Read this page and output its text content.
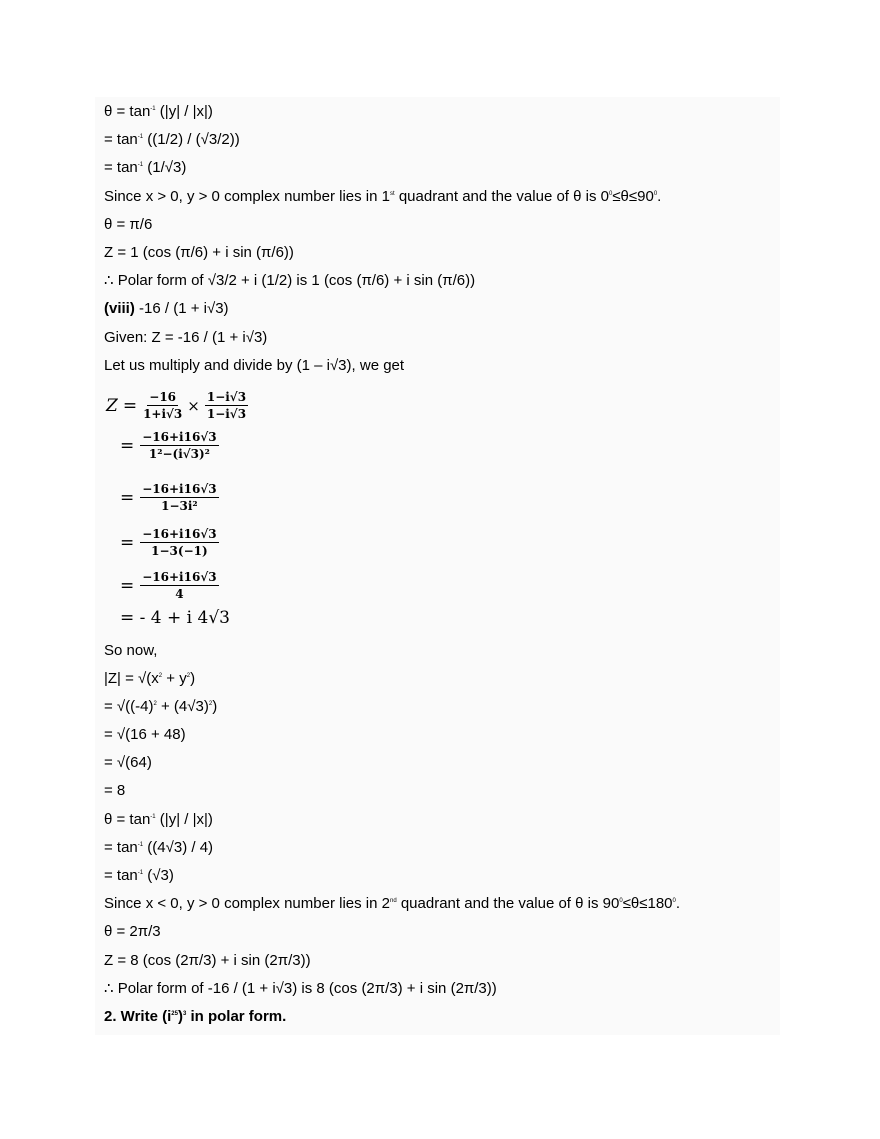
$\theta = \tan^{-1} (|y| / |x|)$
= $\tan^{-1} ((1/2) / (√3/2))$
= $\tan^{-1} (1/√3)$
Since x > 0, y > 0 complex number lies in 1st quadrant and the value of θ is $0^0\le\theta\le 90^0$.
θ = π/6
Z = 1 (cos (π/6) + i sin (π/6))
∴ Polar form of √3/2 + i (1/2) is 1 (cos (π/6) + i sin (π/6))
(viii) -16 / (1 + i√3)
Given: Z = -16 / (1 + i√3)
Let us multiply and divide by (1 – i√3), we get
$Z = \frac{-16}{1+i√3} \times \frac{1-i√3}{1-i√3}$
= $\frac{-16+i16√3}{\text{1²−(i√3)²}}$
= $\frac{-16+i16√3}{\text{1−3i²}}$
= $\frac{-16+i16√3}{1-3(-1)}$
= $\frac{-16+i16√3}{4}$
= - 4 + i 4√3
So now,
$|Z| = √(x^2 + y^2)$
= $√((-4)^2 + (4√3)^2)$
= √(16 + 48)
= √(64)
= 8
$\theta = \tan^{-1} (|y| / |x|)$
= $\tan^{-1} ((4√3) / 4)$
= $\tan^{-1} (√3)$
Since x < 0, y > 0 complex number lies in 2nd quadrant and the value of θ is $90^0\le\theta\le 180^0$.
θ = 2π/3
Z = 8 (cos (2π/3) + i sin (2π/3))
∴ Polar form of -16 / (1 + i√3) is 8 (cos (2π/3) + i sin (2π/3))
2. Write $(i^{25})^3$ in polar form.
